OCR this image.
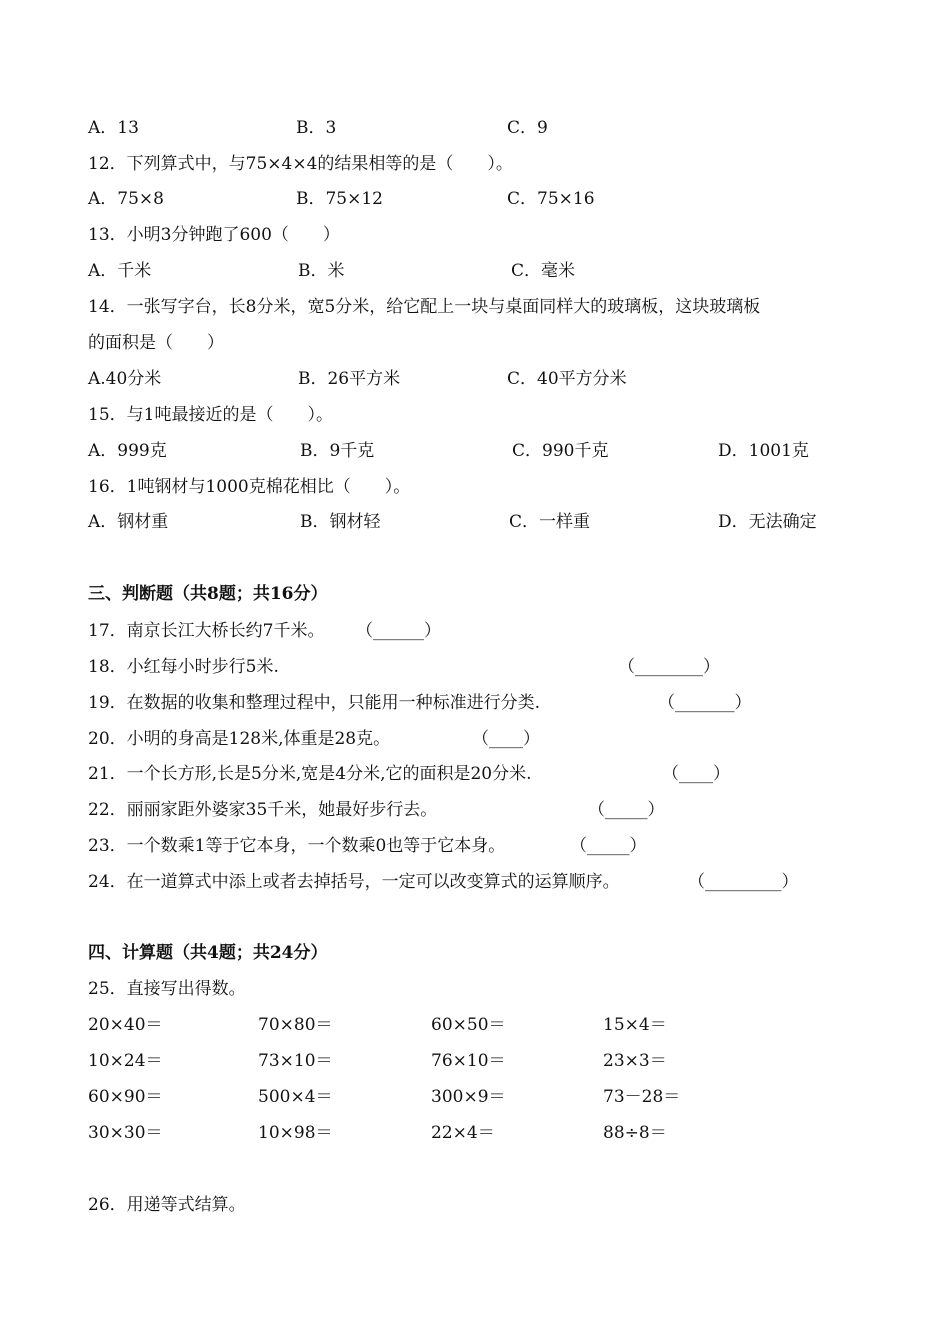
A．13	B．3	C．9
12．下列算式中，与75×4×4的结果相等的是（　　）。
A．75×8	B．75×12	C．75×16
13．小明3分钟跑了600（　　）
A．千米	B．米	C．毫米
14．一张写字台，长8分米，宽5分米，给它配上一块与桌面同样大的玻璃板，这块玻璃板
的面积是（　　）
A.40分米	B．26平方米	C．40平方分米
15．与1吨最接近的是（　　）。
A．999克	B．9千克	C．990千克	D．1001克
16．1吨钢材与1000克棉花相比（　　）。
A．钢材重	B．钢材轻	C．一样重	D．无法确定
三、判断题（共8题；共16分）
17．南京长江大桥长约7千米。 （______）
18．小红每小时步行5米.	（________）
19．在数据的收集和整理过程中，只能用一种标准进行分类.	（_______）
20．小明的身高是128米,体重是28克。	（____）
21．一个长方形,长是5分米,宽是4分米,它的面积是20分米.	（____）
22．丽丽家距外婆家35千米，她最好步行去。	（_____）
23．一个数乘1等于它本身，一个数乘0也等于它本身。	（_____）
24．在一道算式中添上或者去掉括号，一定可以改变算式的运算顺序。	（_________）
四、计算题（共4题；共24分）
25．直接写出得数。
20×40＝	70×80＝	60×50＝	15×4＝
10×24＝	73×10＝	76×10＝	23×3＝
60×90＝	500×4＝	300×9＝	73－28＝
30×30＝	10×98＝	22×4＝	88÷8＝
26．用递等式结算。
